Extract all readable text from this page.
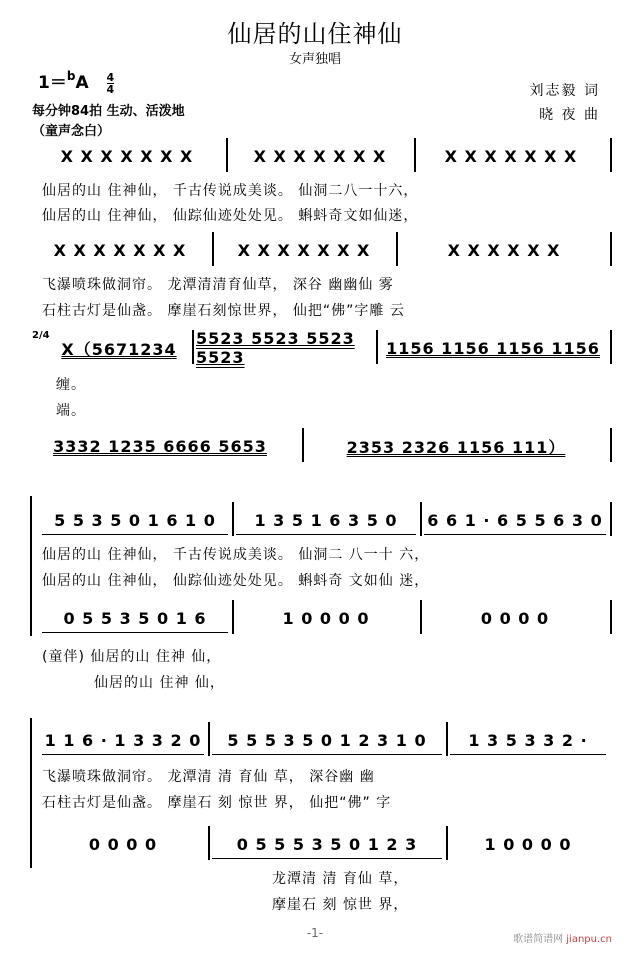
仙居的山住神仙
女声独唱
$1=^bA \frac{4}{4}$	刘志毅 词
晓 夜 曲
每分钟84拍 生动、活泼地
（童声念白）
X X X X X X X	X X X X X X X	X X X X X X X
仙居的山 住神仙， 千古传说成美谈。 仙洞二八一十六，
仙居的山 住神仙， 仙踪仙迹处处见。 蝌蚪奇文如仙迷，
X X X X X X X	X X X X X X X	X X X X X X
飞瀑喷珠做洞帘。 龙潭清清育仙草， 深谷 幽幽仙 雾
石柱古灯是仙盏。 摩崖石刻惊世界， 仙把“佛”字雕 云
2/4
X（5671234
5523 5523 5523 5523	1156 1156 1156 1156
缠。
端。
3332 1235 6666 5653	2353 2326 1156 111）
5 5 3 5 0 1 6 1 0	1 3 5 1 6 3 5 0	6 6 1 · 6 5 5 6 3 0
仙居的山 住神仙， 千古传说成美谈。 仙洞二 八一十 六，
仙居的山 住神仙， 仙踪仙迹处处见。 蝌蚪奇 文如仙 迷，
0 5 5 3 5 0 1 6	1 0 0 0 0	0 0 0 0
(童伴) 仙居的山 住神 仙，
仙居的山 住神 仙，
1 1 6 · 1 3 3 2 0	5 5 5 3 5 0 1 2 3 1 0	1 3 5 3 3 2 ·
飞瀑喷珠做洞帘。 龙潭清 清 育仙 草， 深谷幽 幽
石柱古灯是仙盏。 摩崖石 刻 惊世 界， 仙把“佛” 字
0 0 0 0	0 5 5 5 3 5 0 1 2 3	1 0 0 0 0
龙潭清 清 育仙 草，
摩崖石 刻 惊世 界，
-1-	歌谱简谱网 jianpu.cn
